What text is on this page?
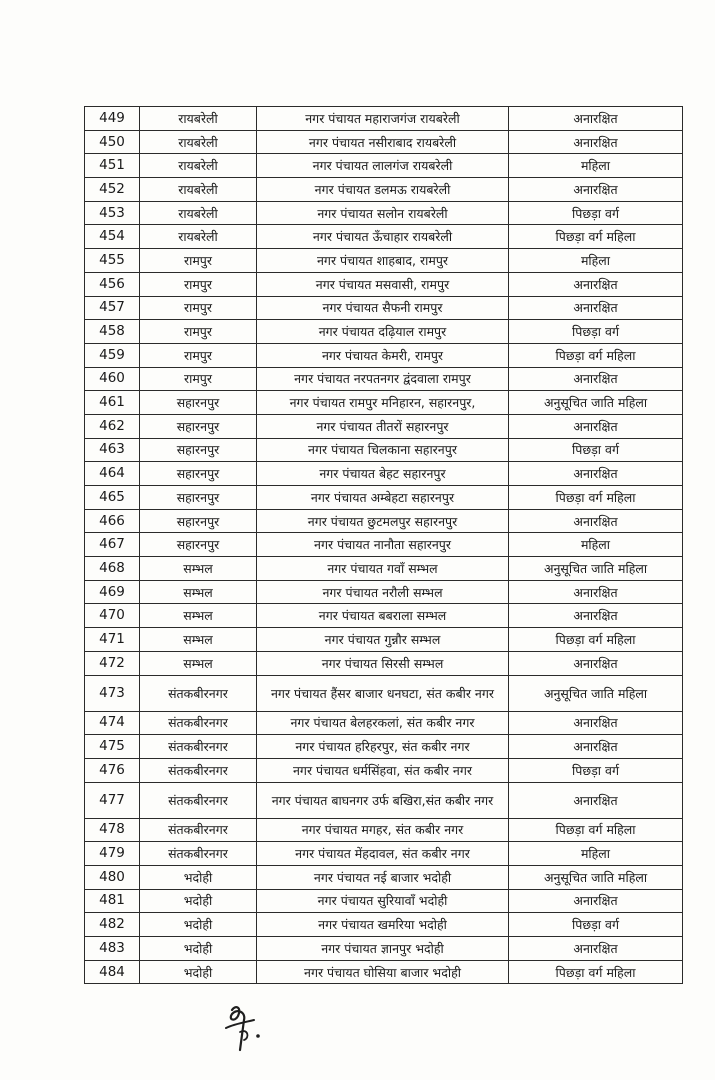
449	रायबरेली	नगर पंचायत महाराजगंज रायबरेली	अनारक्षित
450	रायबरेली	नगर पंचायत नसीराबाद रायबरेली	अनारक्षित
451	रायबरेली	नगर पंचायत लालगंज रायबरेली	महिला
452	रायबरेली	नगर पंचायत डलमऊ रायबरेली	अनारक्षित
453	रायबरेली	नगर पंचायत सलोन रायबरेली	पिछड़ा वर्ग
454	रायबरेली	नगर पंचायत ऊँचाहार रायबरेली	पिछड़ा वर्ग महिला
455	रामपुर	नगर पंचायत शाहबाद, रामपुर	महिला
456	रामपुर	नगर पंचायत मसवासी, रामपुर	अनारक्षित
457	रामपुर	नगर पंचायत सैफनी रामपुर	अनारक्षित
458	रामपुर	नगर पंचायत दढ़ियाल रामपुर	पिछड़ा वर्ग
459	रामपुर	नगर पंचायत केमरी, रामपुर	पिछड़ा वर्ग महिला
460	रामपुर	नगर पंचायत नरपतनगर द्वंदवाला रामपुर	अनारक्षित
461	सहारनपुर	नगर पंचायत रामपुर मनिहारन, सहारनपुर,	अनुसूचित जाति महिला
462	सहारनपुर	नगर पंचायत तीतरों सहारनपुर	अनारक्षित
463	सहारनपुर	नगर पंचायत चिलकाना सहारनपुर	पिछड़ा वर्ग
464	सहारनपुर	नगर पंचायत बेहट सहारनपुर	अनारक्षित
465	सहारनपुर	नगर पंचायत अम्बेहटा सहारनपुर	पिछड़ा वर्ग महिला
466	सहारनपुर	नगर पंचायत छुटमलपुर सहारनपुर	अनारक्षित
467	सहारनपुर	नगर पंचायत नानौता सहारनपुर	महिला
468	सम्भल	नगर पंचायत गवाँ सम्भल	अनुसूचित जाति महिला
469	सम्भल	नगर पंचायत नरौली सम्भल	अनारक्षित
470	सम्भल	नगर पंचायत बबराला सम्भल	अनारक्षित
471	सम्भल	नगर पंचायत गुन्नौर सम्भल	पिछड़ा वर्ग महिला
472	सम्भल	नगर पंचायत सिरसी सम्भल	अनारक्षित
473	संतकबीरनगर	नगर पंचायत हैंसर बाजार धनघटा, संत कबीर नगर	अनुसूचित जाति महिला
474	संतकबीरनगर	नगर पंचायत बेलहरकलां, संत कबीर नगर	अनारक्षित
475	संतकबीरनगर	नगर पंचायत हरिहरपुर, संत कबीर नगर	अनारक्षित
476	संतकबीरनगर	नगर पंचायत धर्मसिंहवा, संत कबीर नगर	पिछड़ा वर्ग
477	संतकबीरनगर	नगर पंचायत बाघनगर उर्फ बखिरा,संत कबीर नगर	अनारक्षित
478	संतकबीरनगर	नगर पंचायत मगहर, संत कबीर नगर	पिछड़ा वर्ग महिला
479	संतकबीरनगर	नगर पंचायत मेंहदावल, संत कबीर नगर	महिला
480	भदोही	नगर पंचायत नई बाजार भदोही	अनुसूचित जाति महिला
481	भदोही	नगर पंचायत सुरियावाँ भदोही	अनारक्षित
482	भदोही	नगर पंचायत खमरिया भदोही	पिछड़ा वर्ग
483	भदोही	नगर पंचायत ज्ञानपुर भदोही	अनारक्षित
484	भदोही	नगर पंचायत घोसिया बाजार भदोही	पिछड़ा वर्ग महिला
